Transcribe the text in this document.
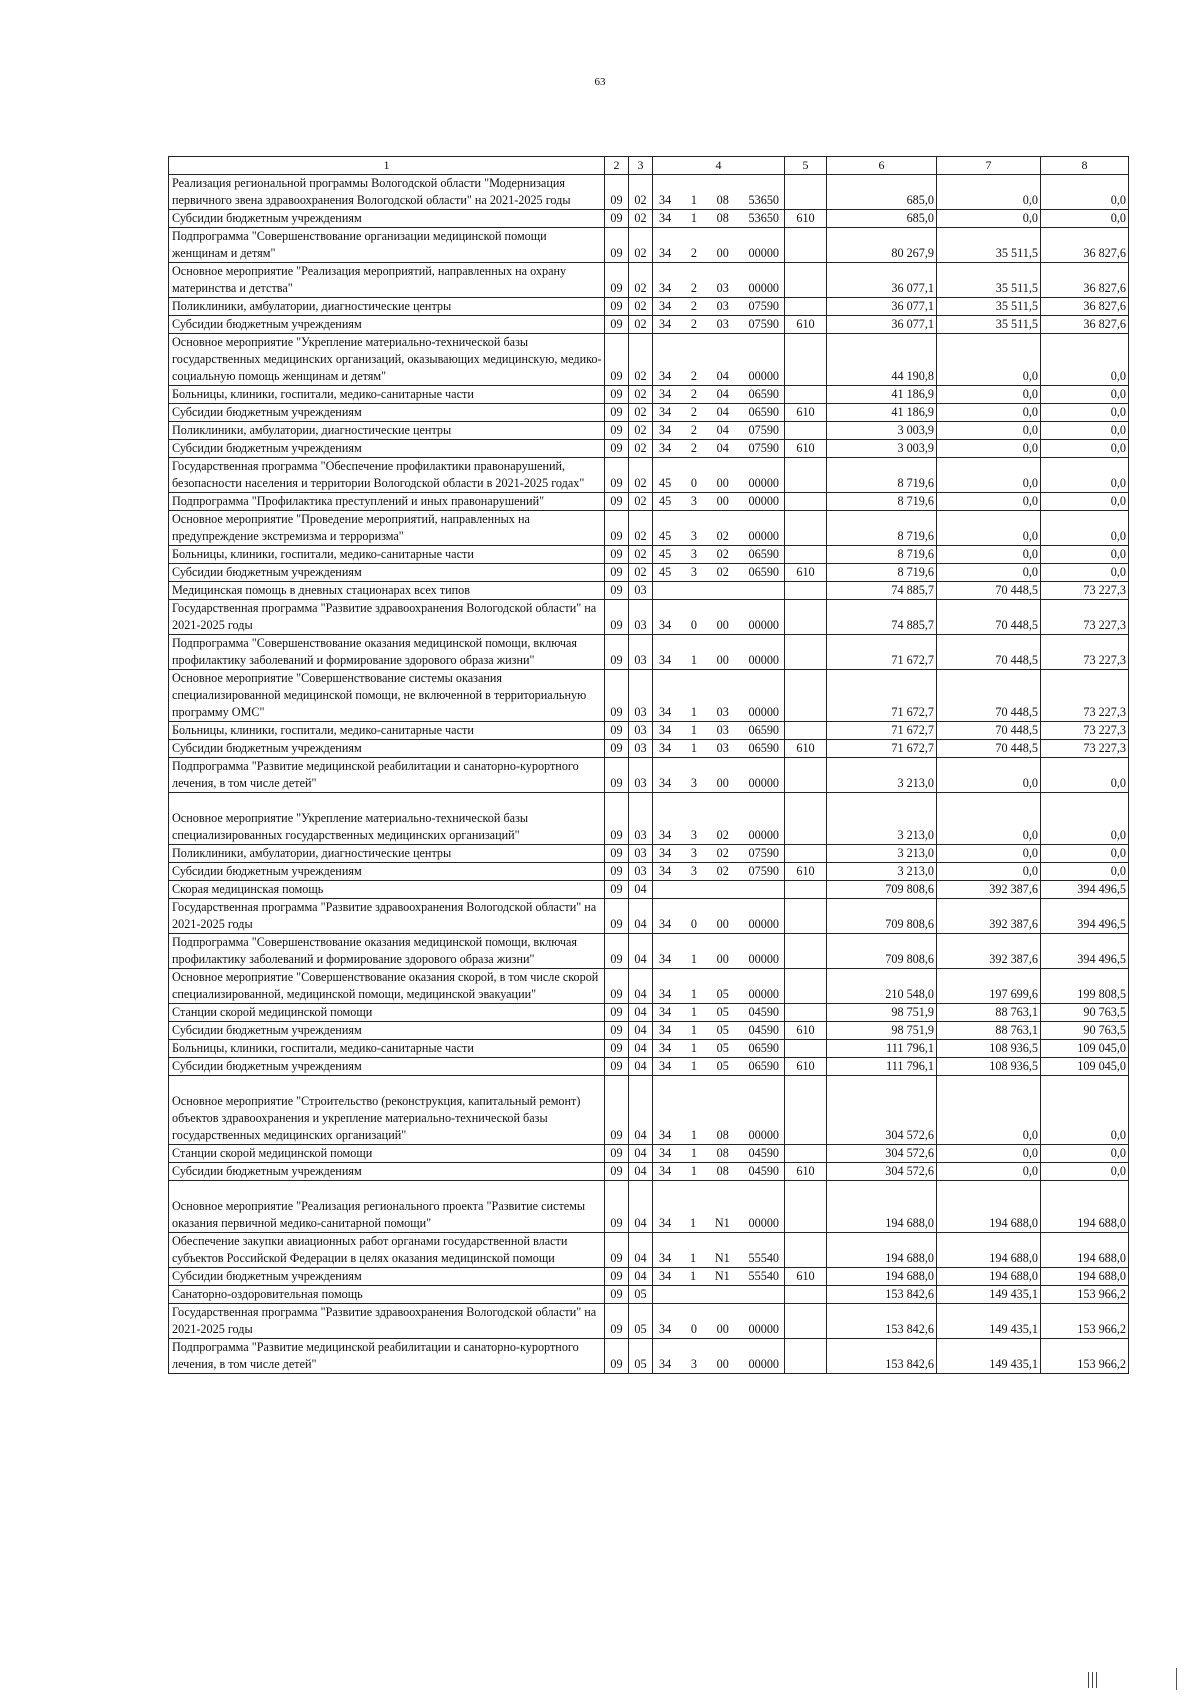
63
1	2	3	4	5	6	7	8
Реализация региональной программы Вологодской области "Модернизация первичного звена здравоохранения Вологодской области" на 2021-2025 годы	09	02	34 1 08 53650		685,0	0,0	0,0
Субсидии бюджетным учреждениям	09	02	34 1 08 53650	610	685,0	0,0	0,0
Подпрограмма "Совершенствование организации медицинской помощи женщинам и детям"	09	02	34 2 00 00000		80 267,9	35 511,5	36 827,6
Основное мероприятие "Реализация мероприятий, направленных на охрану материнства и детства"	09	02	34 2 03 00000		36 077,1	35 511,5	36 827,6
Поликлиники, амбулатории, диагностические центры	09	02	34 2 03 07590		36 077,1	35 511,5	36 827,6
Субсидии бюджетным учреждениям	09	02	34 2 03 07590	610	36 077,1	35 511,5	36 827,6
Основное мероприятие "Укрепление материально-технической базы государственных медицинских организаций, оказывающих медицинскую, медико-социальную помощь женщинам и детям"	09	02	34 2 04 00000		44 190,8	0,0	0,0
Больницы, клиники, госпитали, медико-санитарные части	09	02	34 2 04 06590		41 186,9	0,0	0,0
Субсидии бюджетным учреждениям	09	02	34 2 04 06590	610	41 186,9	0,0	0,0
Поликлиники, амбулатории, диагностические центры	09	02	34 2 04 07590		3 003,9	0,0	0,0
Субсидии бюджетным учреждениям	09	02	34 2 04 07590	610	3 003,9	0,0	0,0
Государственная программа "Обеспечение профилактики правонарушений, безопасности населения и территории Вологодской области в 2021-2025 годах"	09	02	45 0 00 00000		8 719,6	0,0	0,0
Подпрограмма "Профилактика преступлений и иных правонарушений"	09	02	45 3 00 00000		8 719,6	0,0	0,0
Основное мероприятие "Проведение мероприятий, направленных на предупреждение экстремизма и терроризма"	09	02	45 3 02 00000		8 719,6	0,0	0,0
Больницы, клиники, госпитали, медико-санитарные части	09	02	45 3 02 06590		8 719,6	0,0	0,0
Субсидии бюджетным учреждениям	09	02	45 3 02 06590	610	8 719,6	0,0	0,0
Медицинская помощь в дневных стационарах всех типов	09	03			74 885,7	70 448,5	73 227,3
Государственная программа "Развитие здравоохранения Вологодской области" на 2021-2025 годы	09	03	34 0 00 00000		74 885,7	70 448,5	73 227,3
Подпрограмма "Совершенствование оказания медицинской помощи, включая профилактику заболеваний и формирование здорового образа жизни"	09	03	34 1 00 00000		71 672,7	70 448,5	73 227,3
Основное мероприятие "Совершенствование системы оказания специализированной медицинской помощи, не включенной в территориальную программу ОМС"	09	03	34 1 03 00000		71 672,7	70 448,5	73 227,3
Больницы, клиники, госпитали, медико-санитарные части	09	03	34 1 03 06590		71 672,7	70 448,5	73 227,3
Субсидии бюджетным учреждениям	09	03	34 1 03 06590	610	71 672,7	70 448,5	73 227,3
Подпрограмма "Развитие медицинской реабилитации и санаторно-курортного лечения, в том числе детей"	09	03	34 3 00 00000		3 213,0	0,0	0,0

Основное мероприятие "Укрепление материально-технической базы специализированных государственных медицинских организаций"	09	03	34 3 02 00000		3 213,0	0,0	0,0
Поликлиники, амбулатории, диагностические центры	09	03	34 3 02 07590		3 213,0	0,0	0,0
Субсидии бюджетным учреждениям	09	03	34 3 02 07590	610	3 213,0	0,0	0,0
Скорая медицинская помощь	09	04			709 808,6	392 387,6	394 496,5
Государственная программа "Развитие здравоохранения Вологодской области" на 2021-2025 годы	09	04	34 0 00 00000		709 808,6	392 387,6	394 496,5
Подпрограмма "Совершенствование оказания медицинской помощи, включая профилактику заболеваний и формирование здорового образа жизни"	09	04	34 1 00 00000		709 808,6	392 387,6	394 496,5
Основное мероприятие "Совершенствование оказания скорой, в том числе скорой специализированной, медицинской помощи, медицинской эвакуации"	09	04	34 1 05 00000		210 548,0	197 699,6	199 808,5
Станции скорой медицинской помощи	09	04	34 1 05 04590		98 751,9	88 763,1	90 763,5
Субсидии бюджетным учреждениям	09	04	34 1 05 04590	610	98 751,9	88 763,1	90 763,5
Больницы, клиники, госпитали, медико-санитарные части	09	04	34 1 05 06590		111 796,1	108 936,5	109 045,0
Субсидии бюджетным учреждениям	09	04	34 1 05 06590	610	111 796,1	108 936,5	109 045,0

Основное мероприятие "Строительство (реконструкция, капитальный ремонт) объектов здравоохранения и укрепление материально-технической базы государственных медицинских организаций"	09	04	34 1 08 00000		304 572,6	0,0	0,0
Станции скорой медицинской помощи	09	04	34 1 08 04590		304 572,6	0,0	0,0
Субсидии бюджетным учреждениям	09	04	34 1 08 04590	610	304 572,6	0,0	0,0

Основное мероприятие "Реализация регионального проекта "Развитие системы оказания первичной медико-санитарной помощи"	09	04	34 1 N1 00000		194 688,0	194 688,0	194 688,0
Обеспечение закупки авиационных работ органами государственной власти субъектов Российской Федерации в целях оказания медицинской помощи	09	04	34 1 N1 55540		194 688,0	194 688,0	194 688,0
Субсидии бюджетным учреждениям	09	04	34 1 N1 55540	610	194 688,0	194 688,0	194 688,0
Санаторно-оздоровительная помощь	09	05			153 842,6	149 435,1	153 966,2
Государственная программа "Развитие здравоохранения Вологодской области" на 2021-2025 годы	09	05	34 0 00 00000		153 842,6	149 435,1	153 966,2
Подпрограмма "Развитие медицинской реабилитации и санаторно-курортного лечения, в том числе детей"	09	05	34 3 00 00000		153 842,6	149 435,1	153 966,2
